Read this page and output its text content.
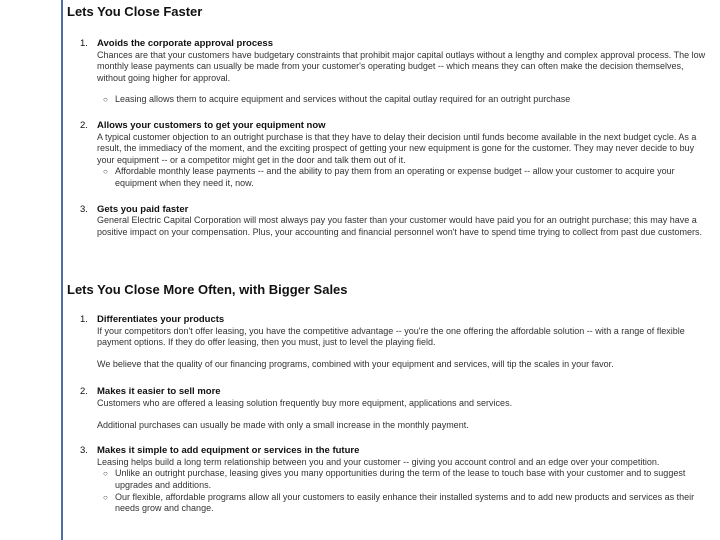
Lets You Close Faster
1. Avoids the corporate approval process
Chances are that your customers have budgetary constraints that prohibit major capital outlays without a lengthy and complex approval process. The low monthly lease payments can usually be made from your customer's operating budget -- which means they can often make the decision themselves, without going higher for approval.
○ Leasing allows them to acquire equipment and services without the capital outlay required for an outright purchase
2. Allows your customers to get your equipment now
A typical customer objection to an outright purchase is that they have to delay their decision until funds become available in the next budget cycle. As a result, the immediacy of the moment, and the exciting prospect of getting your new equipment is gone for the customer. They may never decide to buy your equipment -- or a competitor might get in the door and talk them out of it.
○ Affordable monthly lease payments -- and the ability to pay them from an operating or expense budget -- allow your customer to acquire your equipment when they need it, now.
3. Gets you paid faster
General Electric Capital Corporation will most always pay you faster than your customer would have paid you for an outright purchase; this may have a positive impact on your compensation. Plus, your accounting and financial personnel won't have to spend time trying to collect from past due customers.
Lets You Close More Often, with Bigger Sales
1. Differentiates your products
If your competitors don't offer leasing, you have the competitive advantage -- you're the one offering the affordable solution -- with a range of flexible payment options. If they do offer leasing, then you must, just to level the playing field.
We believe that the quality of our financing programs, combined with your equipment and services, will tip the scales in your favor.
2. Makes it easier to sell more
Customers who are offered a leasing solution frequently buy more equipment, applications and services.
Additional purchases can usually be made with only a small increase in the monthly payment.
3. Makes it simple to add equipment or services in the future
Leasing helps build a long term relationship between you and your customer -- giving you account control and an edge over your competition.
○ Unlike an outright purchase, leasing gives you many opportunities during the term of the lease to touch base with your customer and to suggest upgrades and additions.
○ Our flexible, affordable programs allow all your customers to easily enhance their installed systems and to add new products and services as their needs grow and change.
